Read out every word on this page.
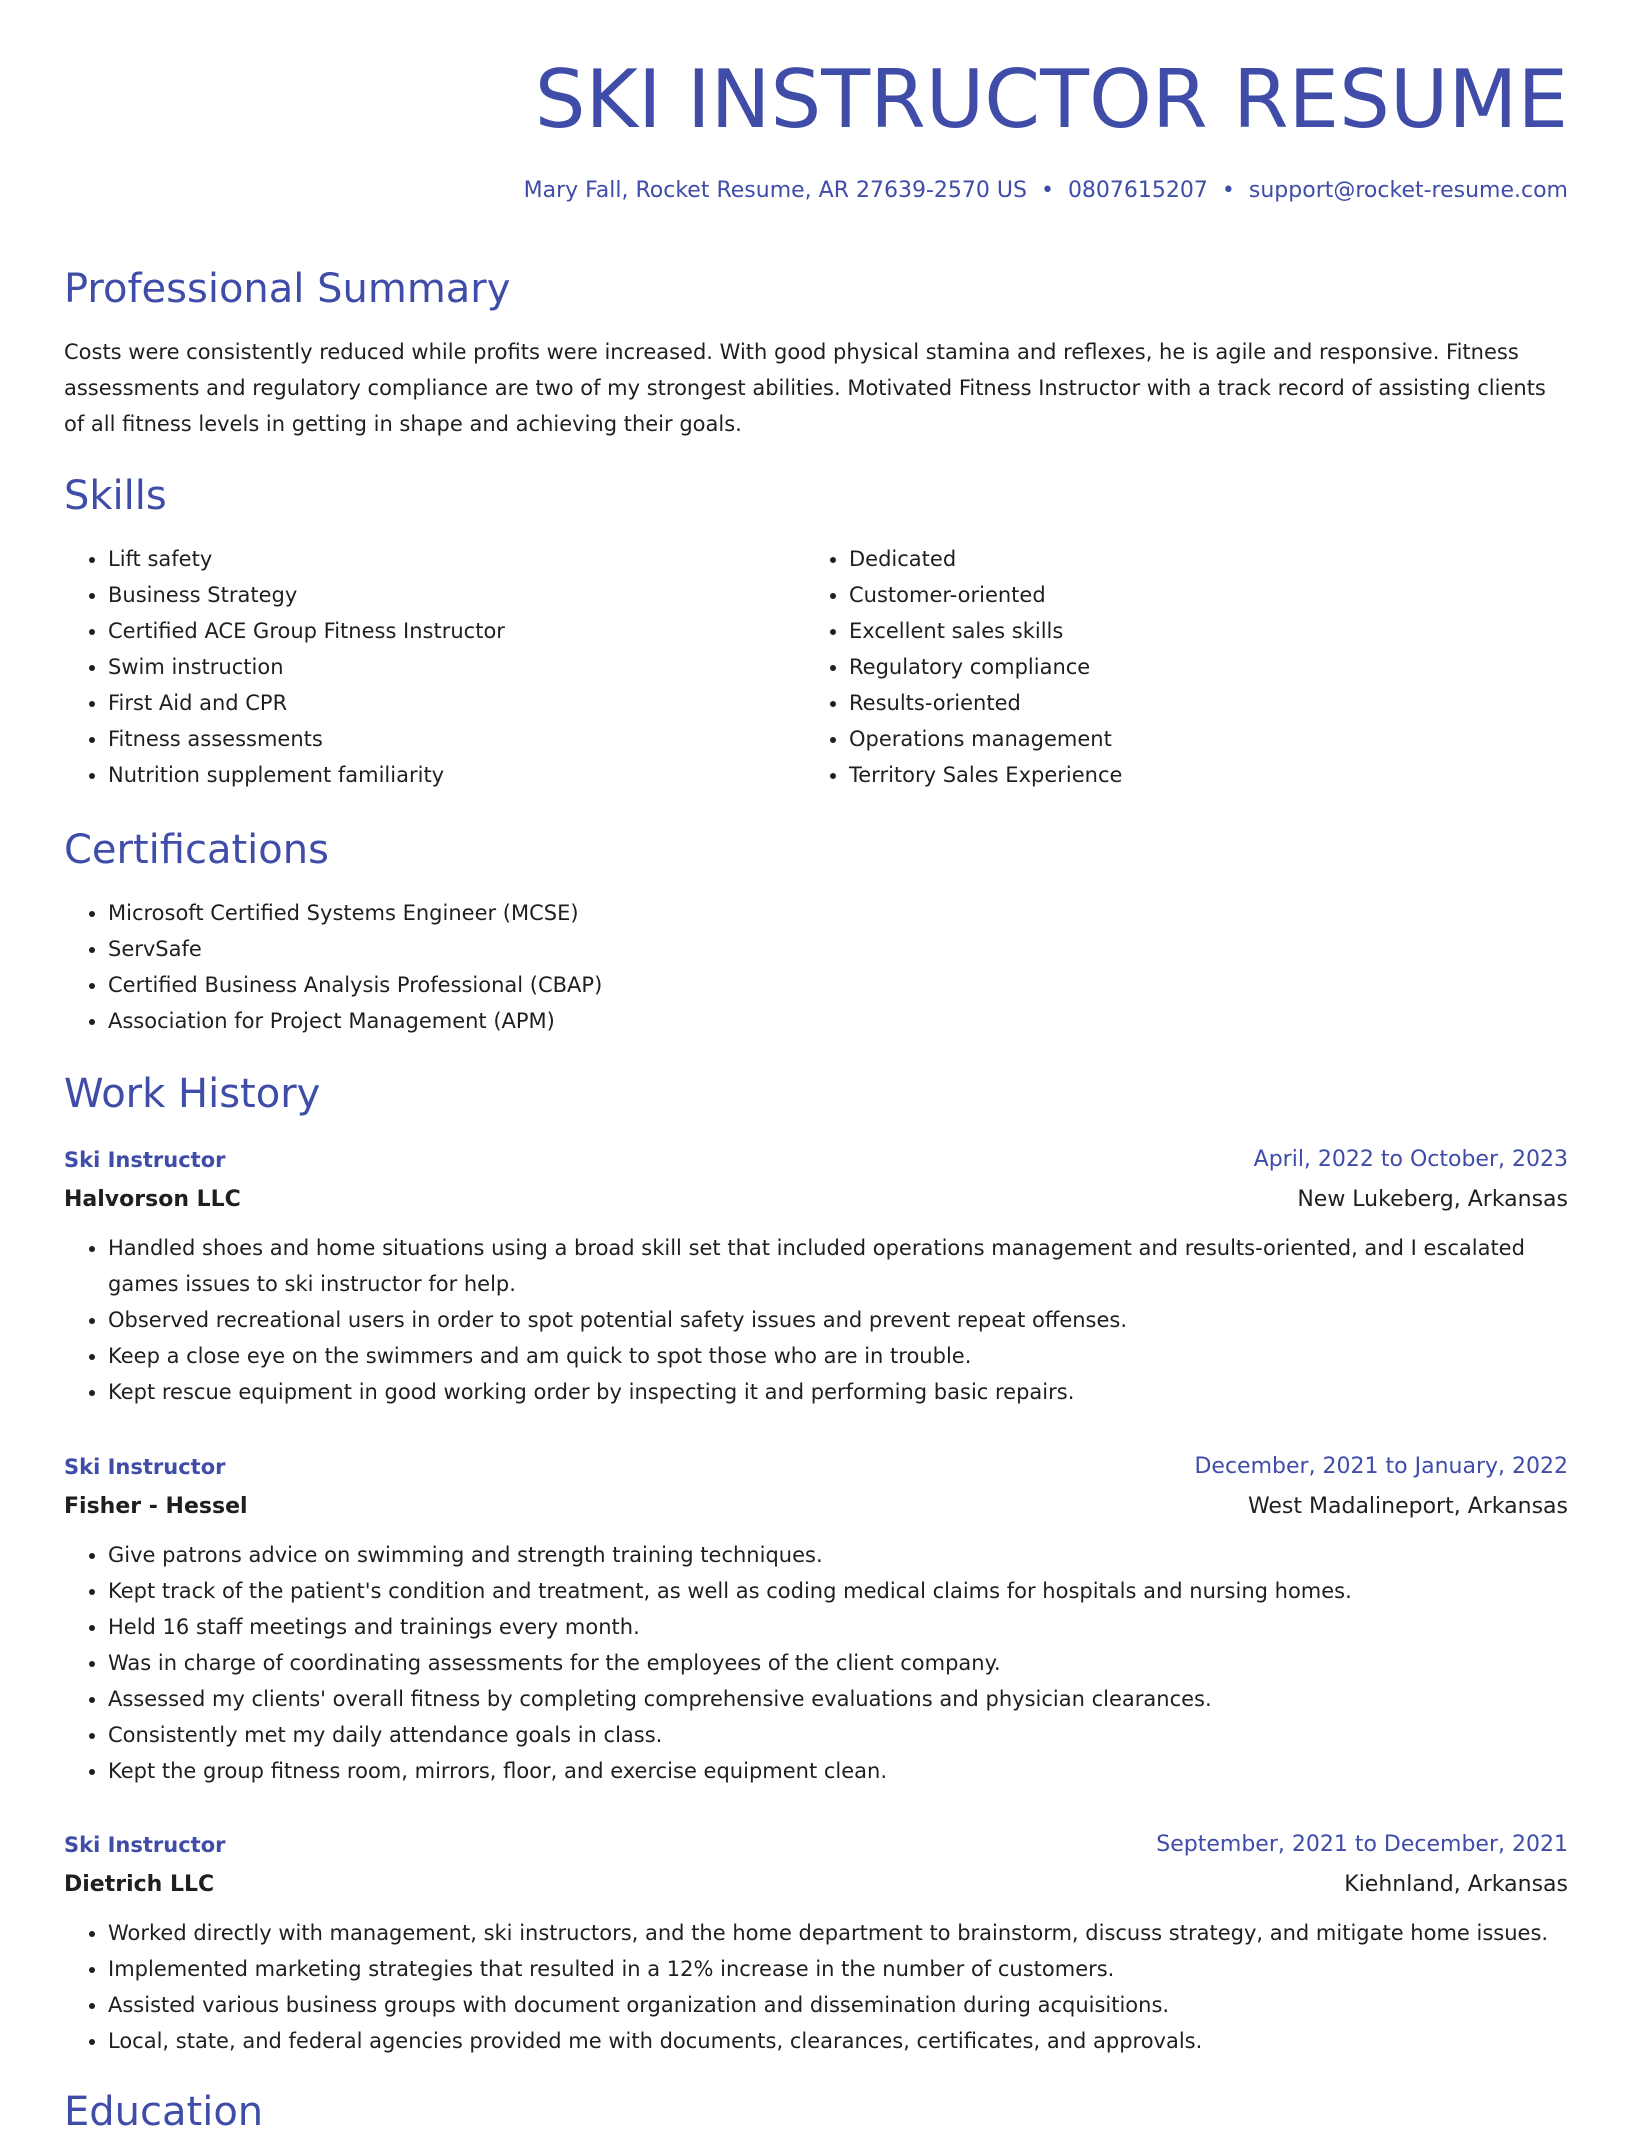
SKI INSTRUCTOR RESUME
Mary Fall, Rocket Resume, AR 27639-2570 US • 0807615207 • support@rocket-resume.com
Professional Summary
Costs were consistently reduced while profits were increased. With good physical stamina and reflexes, he is agile and responsive. Fitness assessments and regulatory compliance are two of my strongest abilities. Motivated Fitness Instructor with a track record of assisting clients of all fitness levels in getting in shape and achieving their goals.
Skills
• Lift safety
• Business Strategy
• Certified ACE Group Fitness Instructor
• Swim instruction
• First Aid and CPR
• Fitness assessments
• Nutrition supplement familiarity
• Dedicated
• Customer-oriented
• Excellent sales skills
• Regulatory compliance
• Results-oriented
• Operations management
• Territory Sales Experience
Certifications
• Microsoft Certified Systems Engineer (MCSE)
• ServSafe
• Certified Business Analysis Professional (CBAP)
• Association for Project Management (APM)
Work History
Ski Instructor	April, 2022 to October, 2023
Halvorson LLC	New Lukeberg, Arkansas
• Handled shoes and home situations using a broad skill set that included operations management and results-oriented, and I escalated games issues to ski instructor for help.
• Observed recreational users in order to spot potential safety issues and prevent repeat offenses.
• Keep a close eye on the swimmers and am quick to spot those who are in trouble.
• Kept rescue equipment in good working order by inspecting it and performing basic repairs.
Ski Instructor	December, 2021 to January, 2022
Fisher - Hessel	West Madalineport, Arkansas
• Give patrons advice on swimming and strength training techniques.
• Kept track of the patient's condition and treatment, as well as coding medical claims for hospitals and nursing homes.
• Held 16 staff meetings and trainings every month.
• Was in charge of coordinating assessments for the employees of the client company.
• Assessed my clients' overall fitness by completing comprehensive evaluations and physician clearances.
• Consistently met my daily attendance goals in class.
• Kept the group fitness room, mirrors, floor, and exercise equipment clean.
Ski Instructor	September, 2021 to December, 2021
Dietrich LLC	Kiehnland, Arkansas
• Worked directly with management, ski instructors, and the home department to brainstorm, discuss strategy, and mitigate home issues.
• Implemented marketing strategies that resulted in a 12% increase in the number of customers.
• Assisted various business groups with document organization and dissemination during acquisitions.
• Local, state, and federal agencies provided me with documents, clearances, certificates, and approvals.
Education
